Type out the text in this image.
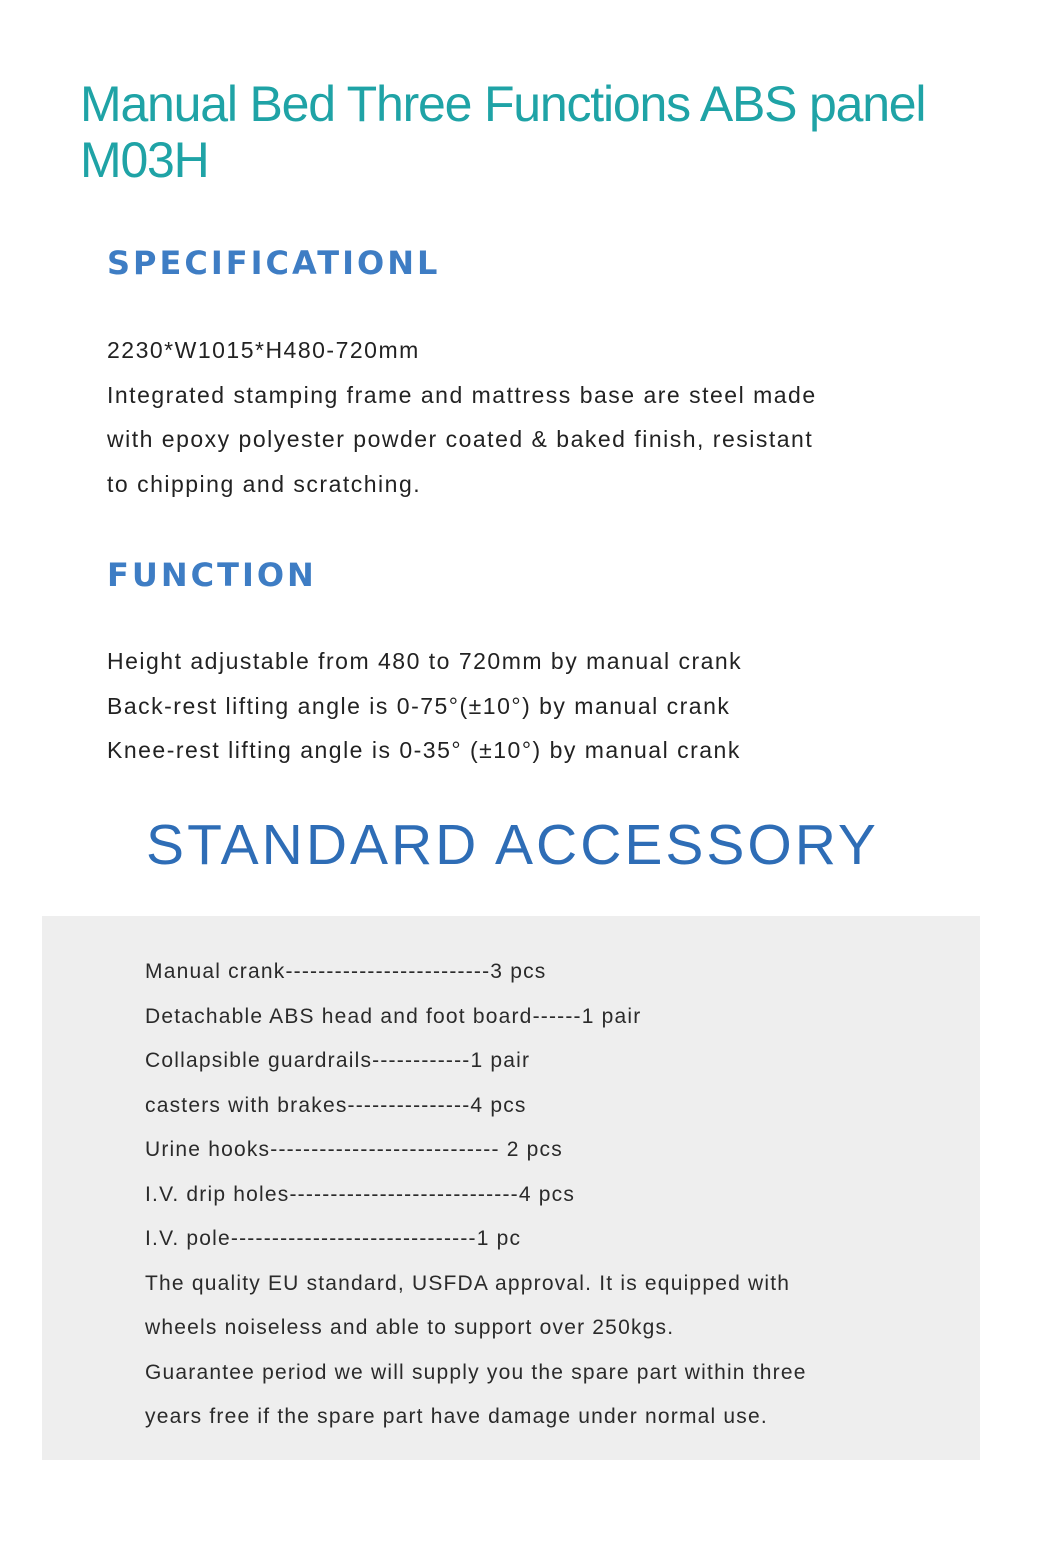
Manual Bed Three Functions ABS panel
M03H
SPECIFICATIONL
2230*W1015*H480-720mm
Integrated stamping frame and mattress base are steel made
with epoxy polyester powder coated & baked finish, resistant
to chipping and scratching.
FUNCTION
Height adjustable from 480 to 720mm by manual crank
Back-rest lifting angle is 0-75°(±10°) by manual crank
Knee-rest lifting angle is 0-35° (±10°) by manual crank
STANDARD ACCESSORY
Manual crank-------------------------3 pcs
Detachable ABS head and foot board------1 pair
Collapsible guardrails------------1 pair
casters with brakes---------------4 pcs
Urine hooks---------------------------- 2 pcs
I.V. drip holes----------------------------4 pcs
I.V. pole------------------------------1 pc
The quality EU standard, USFDA approval. It is equipped with
wheels noiseless and able to support over 250kgs.
Guarantee period we will supply you the spare part within three
years free if the spare part have damage under normal use.
